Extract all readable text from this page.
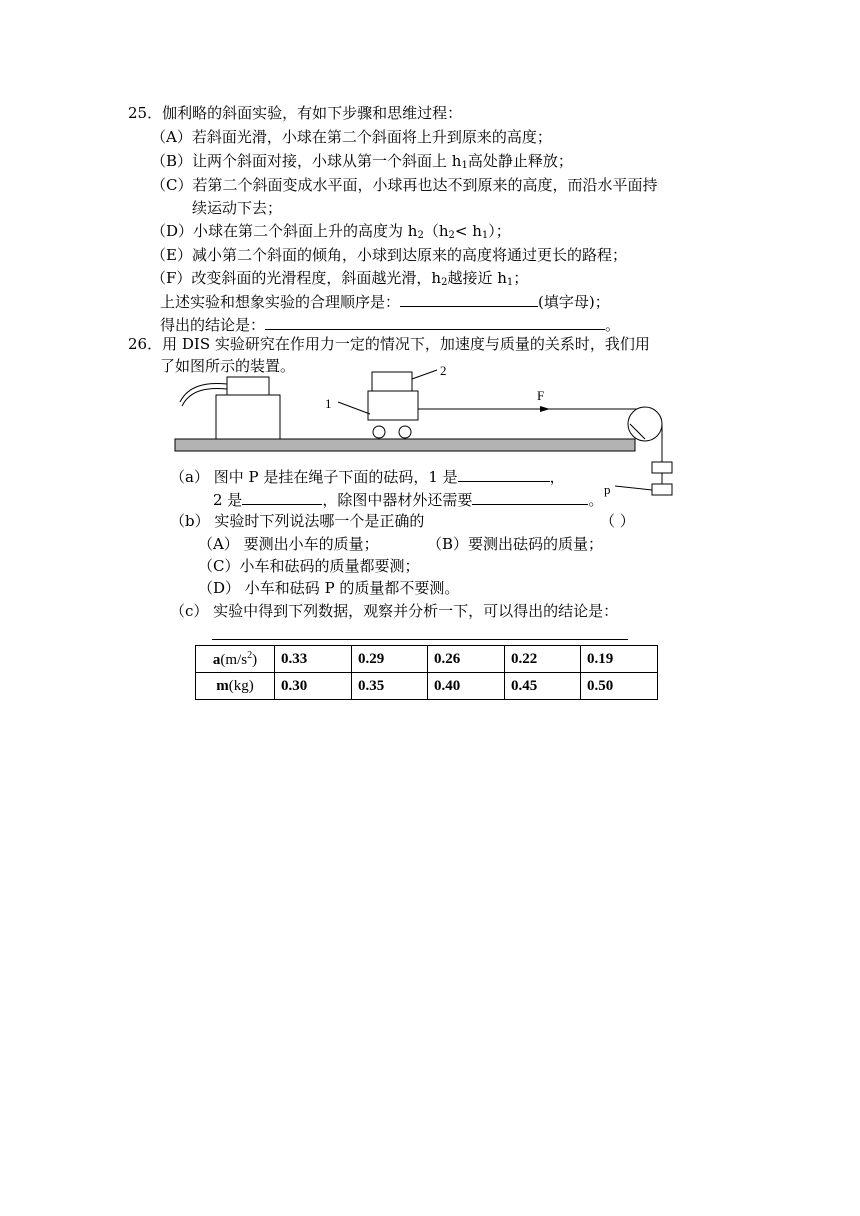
25．伽利略的斜面实验，有如下步骤和思维过程：
（A）若斜面光滑，小球在第二个斜面将上升到原来的高度；
（B）让两个斜面对接，小球从第一个斜面上 $h_1$高处静止释放；
（C）若第二个斜面变成水平面，小球再也达不到原来的高度，而沿水平面持
续运动下去；
（D）小球在第二个斜面上升的高度为 $h_2(h_2< h_1)$；
（E）减小第二个斜面的倾角，小球到达原来的高度将通过更长的路程；
（F）改变斜面的光滑程度，斜面越光滑，$h_2$越接近 $h_1$；
上述实验和想象实验的合理顺序是：	(填字母)；
得出的结论是：	。
26．用 DIS 实验研究在作用力一定的情况下，加速度与质量的关系时，我们用
了如图所示的装置。	2
1
F
p
（a） 图中 P 是挂在绳子下面的砝码，1 是	，
2 是	，除图中器材外还需要	。
（b） 实验时下列说法哪一个是正确的	（ ）
（A） 要测出小车的质量；	（B）要测出砝码的质量；
（C）小车和砝码的质量都要测；
（D） 小车和砝码 P 的质量都不要测。
（c） 实验中得到下列数据，观察并分析一下，可以得出的结论是：
$a(m/s^2)$	0.33	0.29	0.26	0.22	0.19
m(kg)	0.30	0.35	0.40	0.45	0.50
